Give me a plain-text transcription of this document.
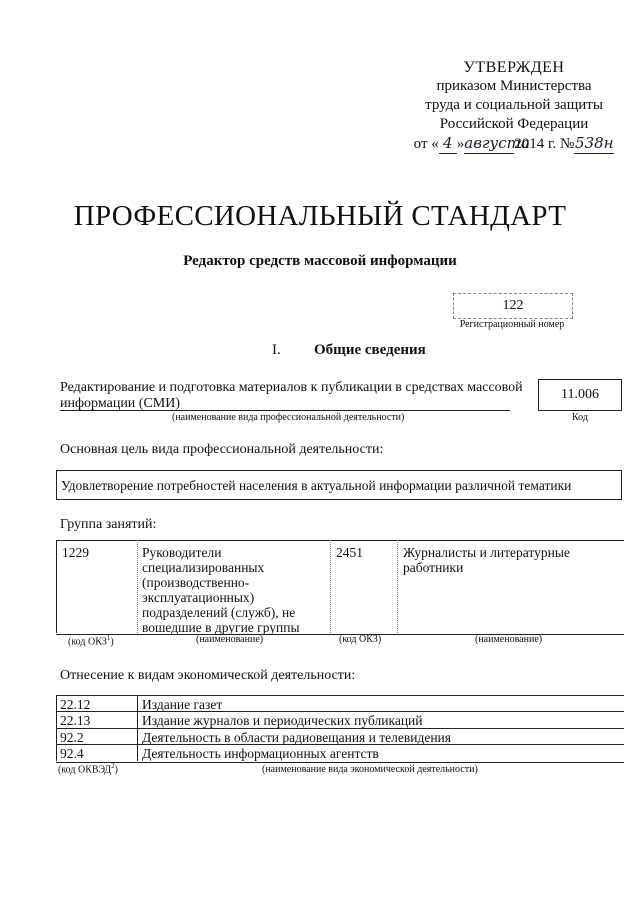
УТВЕРЖДЕН
приказом Министерства
труда и социальной защиты
Российской Федерации
от « 4 »августа2014 г. №538н
ПРОФЕССИОНАЛЬНЫЙ СТАНДАРТ
Редактор средств массовой информации
122
Регистрационный номер
I. Общие сведения
Редактирование и подготовка материалов к публикации в средствах массовой
информации (СМИ)
(наименование вида профессиональной деятельности)
11.006
Код
Основная цель вида профессиональной деятельности:
Удовлетворение потребностей населения в актуальной информации различной тематики
Группа занятий:
1229	Руководители
специализированных
(производственно-
эксплуатационных)
подразделений (служб), не
вошедшие в другие группы
2451	Журналисты и литературные
работники
(код ОКЗ$^1$)	(наименование)	(код ОКЗ)	(наименование)
Отнесение к видам экономической деятельности:
22.12	Издание газет
22.13	Издание журналов и периодических публикаций
92.2	Деятельность в области радиовещания и телевидения
92.4	Деятельность информационных агентств
(код ОКВЭД$^2$)	(наименование вида экономической деятельности)
